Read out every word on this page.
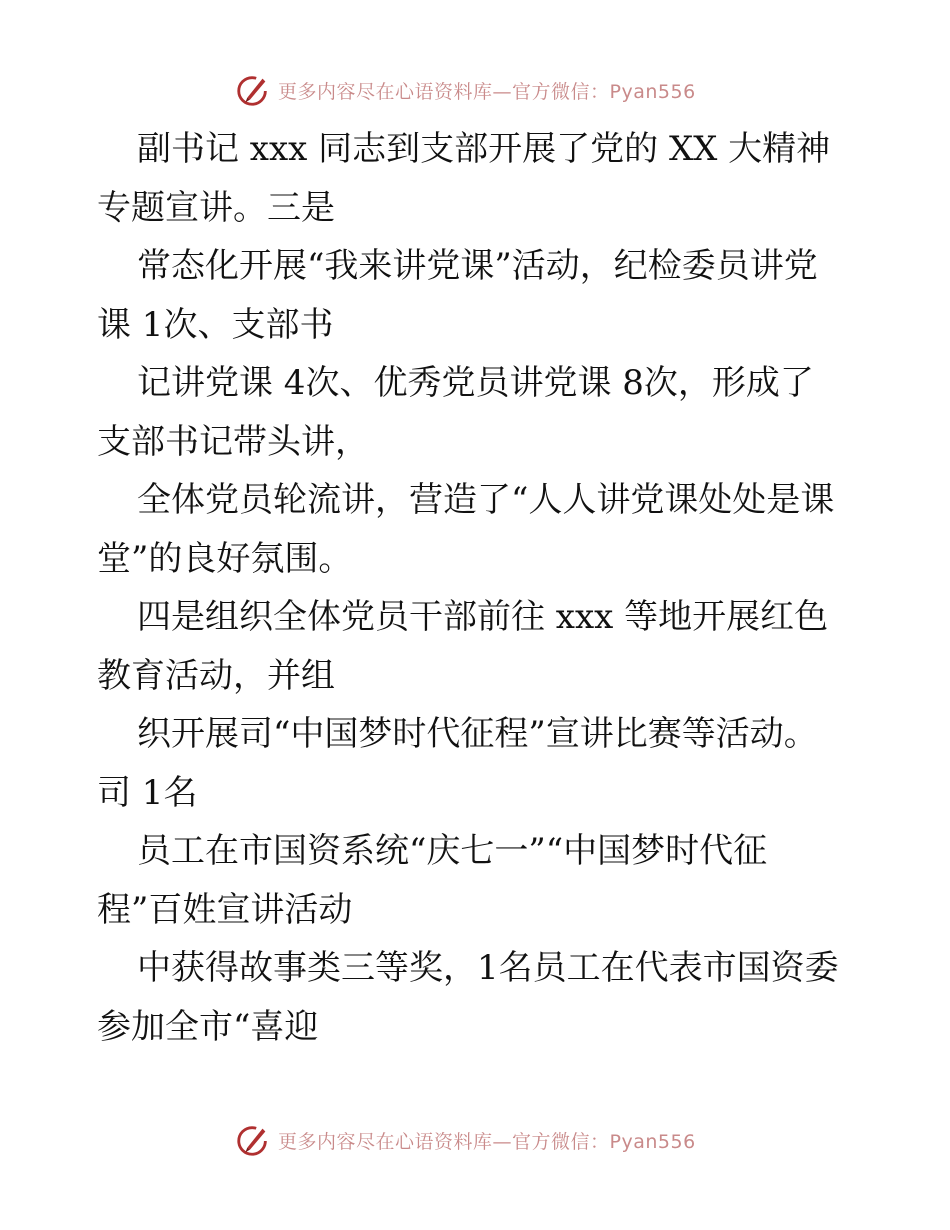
更多内容尽在心语资料库—官方微信：Pyan556
副书记 xxx 同志到支部开展了党的 XX 大精神
专题宣讲。三是
常态化开展“我来讲党课”活动，纪检委员讲党
课 1次、支部书
记讲党课 4次、优秀党员讲党课 8次，形成了
支部书记带头讲，
全体党员轮流讲，营造了“人人讲党课处处是课
堂”的良好氛围。
四是组织全体党员干部前往 xxx 等地开展红色
教育活动，并组
织开展司“中国梦时代征程”宣讲比赛等活动。
司 1名
员工在市国资系统“庆七一”“中国梦时代征
程”百姓宣讲活动
中获得故事类三等奖，1名员工在代表市国资委
参加全市“喜迎
更多内容尽在心语资料库—官方微信：Pyan556
